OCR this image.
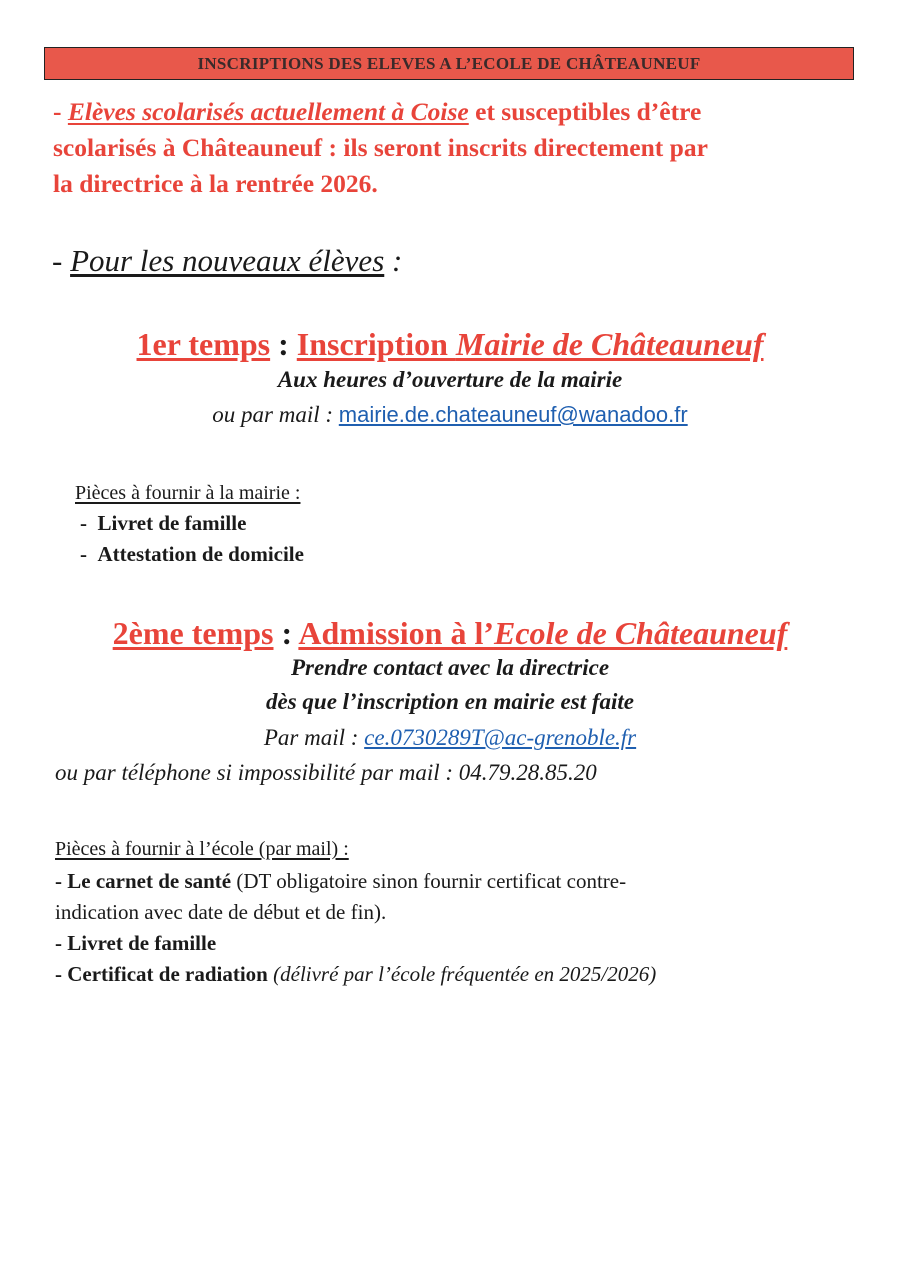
INSCRIPTIONS DES ELEVES A L’ECOLE DE CHÂTEAUNEUF
- Elèves scolarisés actuellement à Coise et susceptibles d’être
scolarisés à Châteauneuf : ils seront inscrits directement par
la directrice à la rentrée 2026.
- Pour les nouveaux élèves :
1er temps : Inscription Mairie de Châteauneuf
Aux heures d’ouverture de la mairie
ou par mail : mairie.de.chateauneuf@wanadoo.fr
Pièces à fournir à la mairie :
-  Livret de famille
-  Attestation de domicile
2ème temps : Admission à l’Ecole de Châteauneuf
Prendre contact avec la directrice
dès que l’inscription en mairie est faite
Par mail : ce.0730289T@ac-grenoble.fr
ou par téléphone si impossibilité par mail : 04.79.28.85.20
Pièces à fournir à l’école (par mail) :
- Le carnet de santé (DT obligatoire sinon fournir certificat contre-
indication avec date de début et de fin).
- Livret de famille
- Certificat de radiation (délivré par l’école fréquentée en 2025/2026)
